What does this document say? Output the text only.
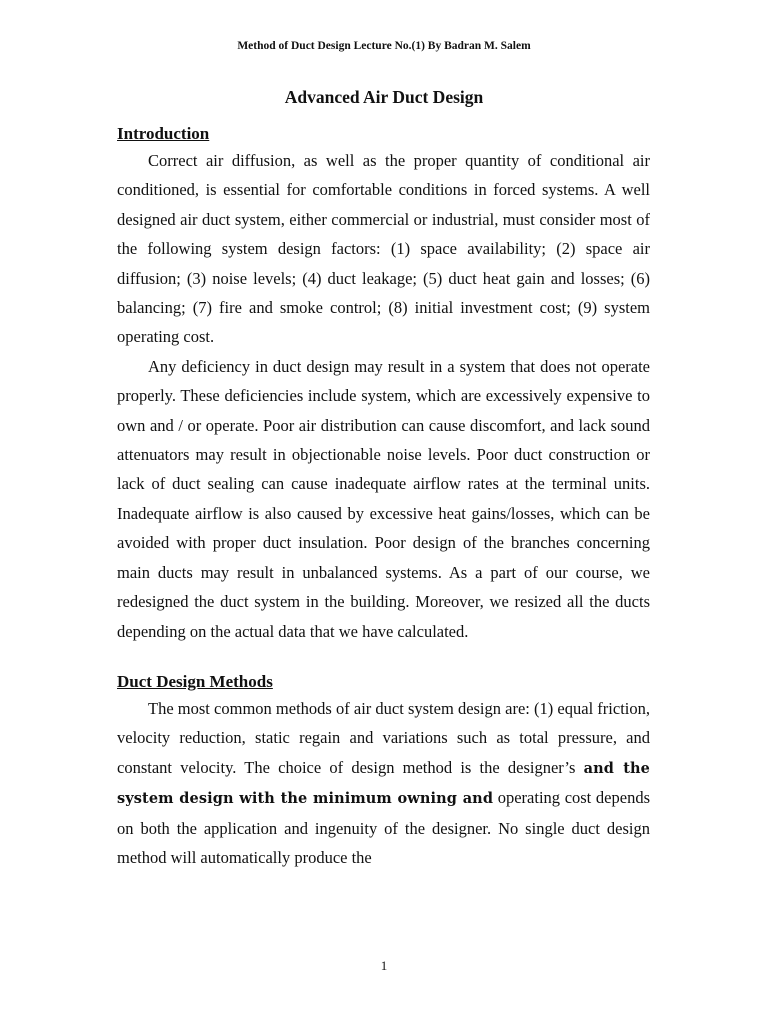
Method of Duct Design Lecture No.(1) By Badran M. Salem
Advanced Air Duct Design
Introduction

Correct air diffusion, as well as the proper quantity of conditional air conditioned, is essential for comfortable conditions in forced systems. A well designed air duct system, either commercial or industrial, must consider most of the following system design factors: (1) space availability; (2) space air diffusion; (3) noise levels; (4) duct leakage; (5) duct heat gain and losses; (6) balancing; (7) fire and smoke control; (8) initial investment cost; (9) system operating cost.

Any deficiency in duct design may result in a system that does not operate properly. These deficiencies include system, which are excessively expensive to own and / or operate. Poor air distribution can cause discomfort, and lack sound attenuators may result in objectionable noise levels. Poor duct construction or lack of duct sealing can cause inadequate airflow rates at the terminal units. Inadequate airflow is also caused by excessive heat gains/losses, which can be avoided with proper duct insulation. Poor design of the branches concerning main ducts may result in unbalanced systems. As a part of our course, we redesigned the duct system in the building. Moreover, we resized all the ducts depending on the actual data that we have calculated.

Duct Design Methods

The most common methods of air duct system design are: (1) equal friction, velocity reduction, static regain and variations such as total pressure, and constant velocity. The choice of design method is the designer’s and the system design with the minimum owning and operating cost depends on both the application and ingenuity of the designer. No single duct design method will automatically produce the

1
